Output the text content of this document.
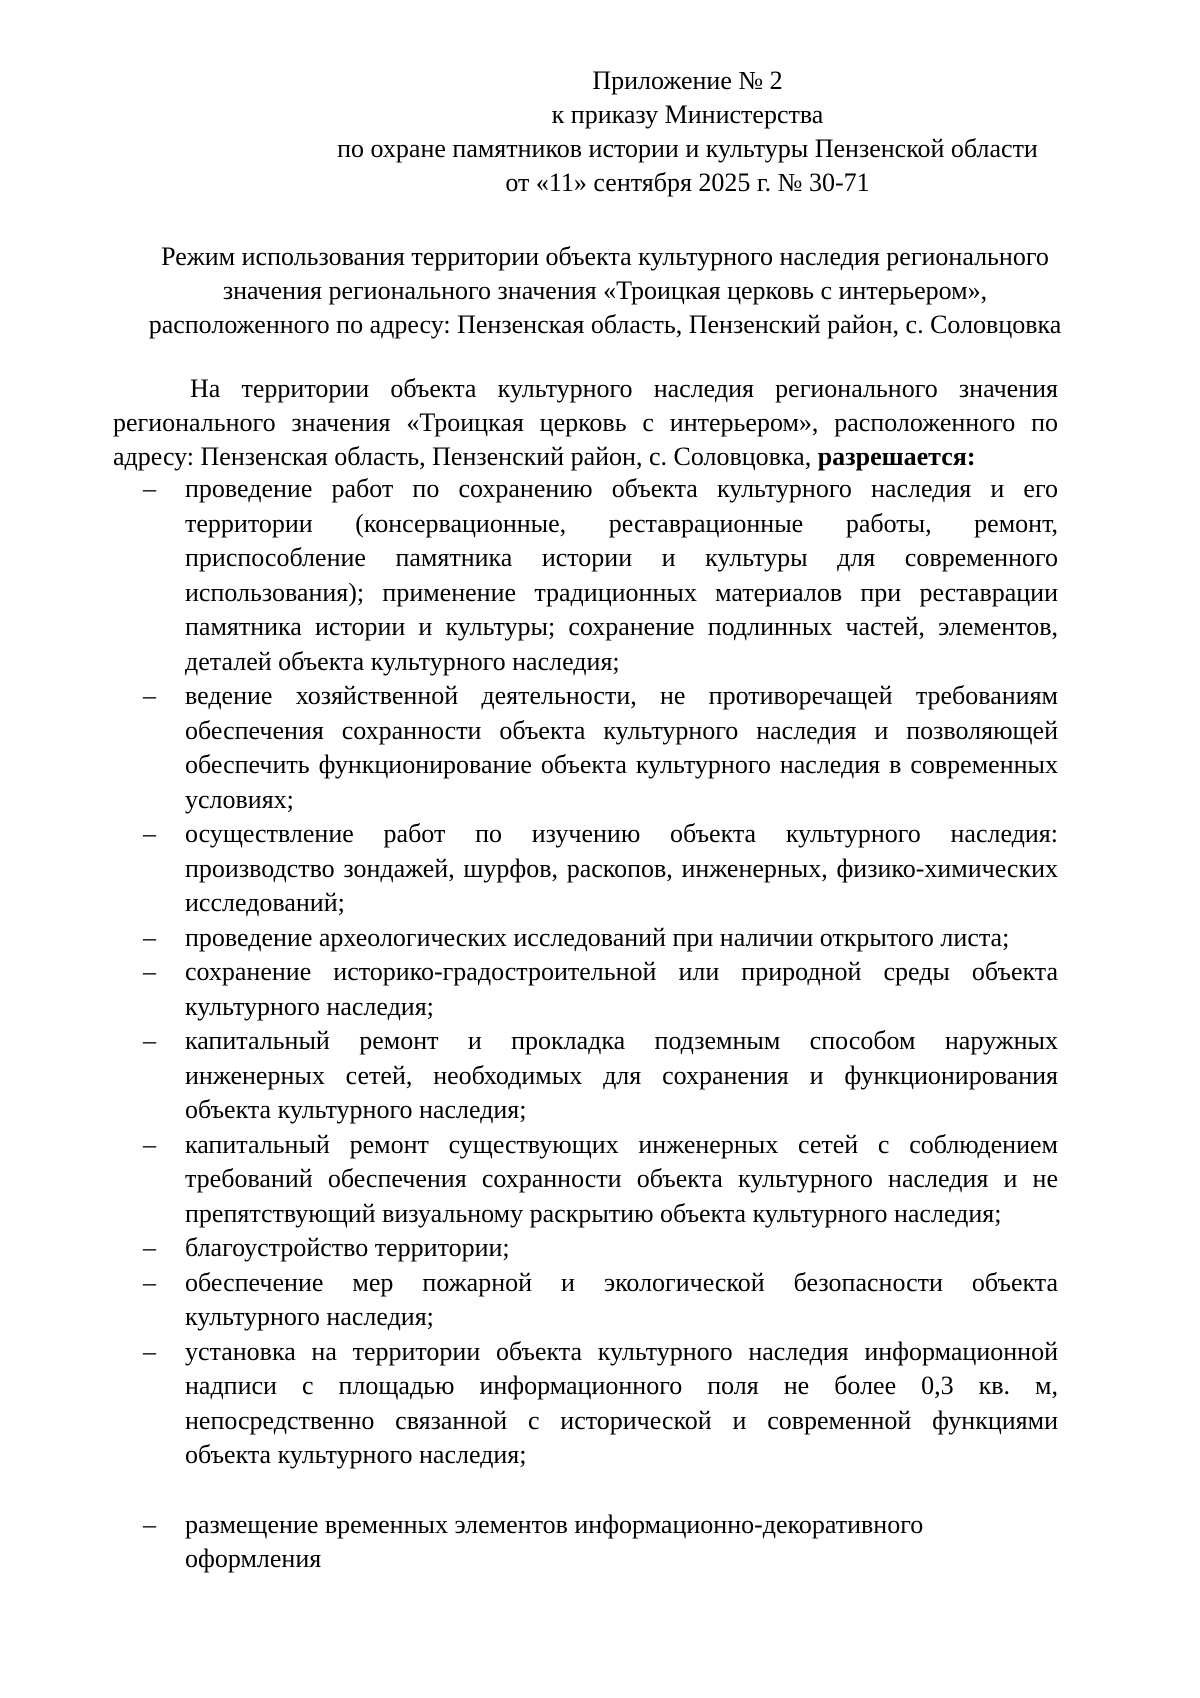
Приложение № 2
к приказу Министерства
по охране памятников истории и культуры Пензенской области
от «11» сентября 2025 г. № 30-71
Режим использования территории объекта культурного наследия регионального
значения регионального значения «Троицкая церковь с интерьером»,
расположенного по адресу: Пензенская область, Пензенский район, с. Соловцовка
На территории объекта культурного наследия регионального значения регионального значения «Троицкая церковь с интерьером», расположенного по адресу: Пензенская область, Пензенский район, с. Соловцовка, разрешается:
– проведение работ по сохранению объекта культурного наследия и его территории (консервационные, реставрационные работы, ремонт, приспособление памятника истории и культуры для современного использования); применение традиционных материалов при реставрации памятника истории и культуры; сохранение подлинных частей, элементов, деталей объекта культурного наследия;
– ведение хозяйственной деятельности, не противоречащей требованиям обеспечения сохранности объекта культурного наследия и позволяющей обеспечить функционирование объекта культурного наследия в современных условиях;
– осуществление работ по изучению объекта культурного наследия: производство зондажей, шурфов, раскопов, инженерных, физико-химических исследований;
– проведение археологических исследований при наличии открытого листа;
– сохранение историко-градостроительной или природной среды объекта культурного наследия;
– капитальный ремонт и прокладка подземным способом наружных инженерных сетей, необходимых для сохранения и функционирования объекта культурного наследия;
– капитальный ремонт существующих инженерных сетей с соблюдением требований обеспечения сохранности объекта культурного наследия и не препятствующий визуальному раскрытию объекта культурного наследия;
– благоустройство территории;
– обеспечение мер пожарной и экологической безопасности объекта культурного наследия;
– установка на территории объекта культурного наследия информационной надписи с площадью информационного поля не более 0,3 кв. м, непосредственно связанной с исторической и современной функциями объекта культурного наследия;
– размещение временных элементов информационно-декоративного оформления
